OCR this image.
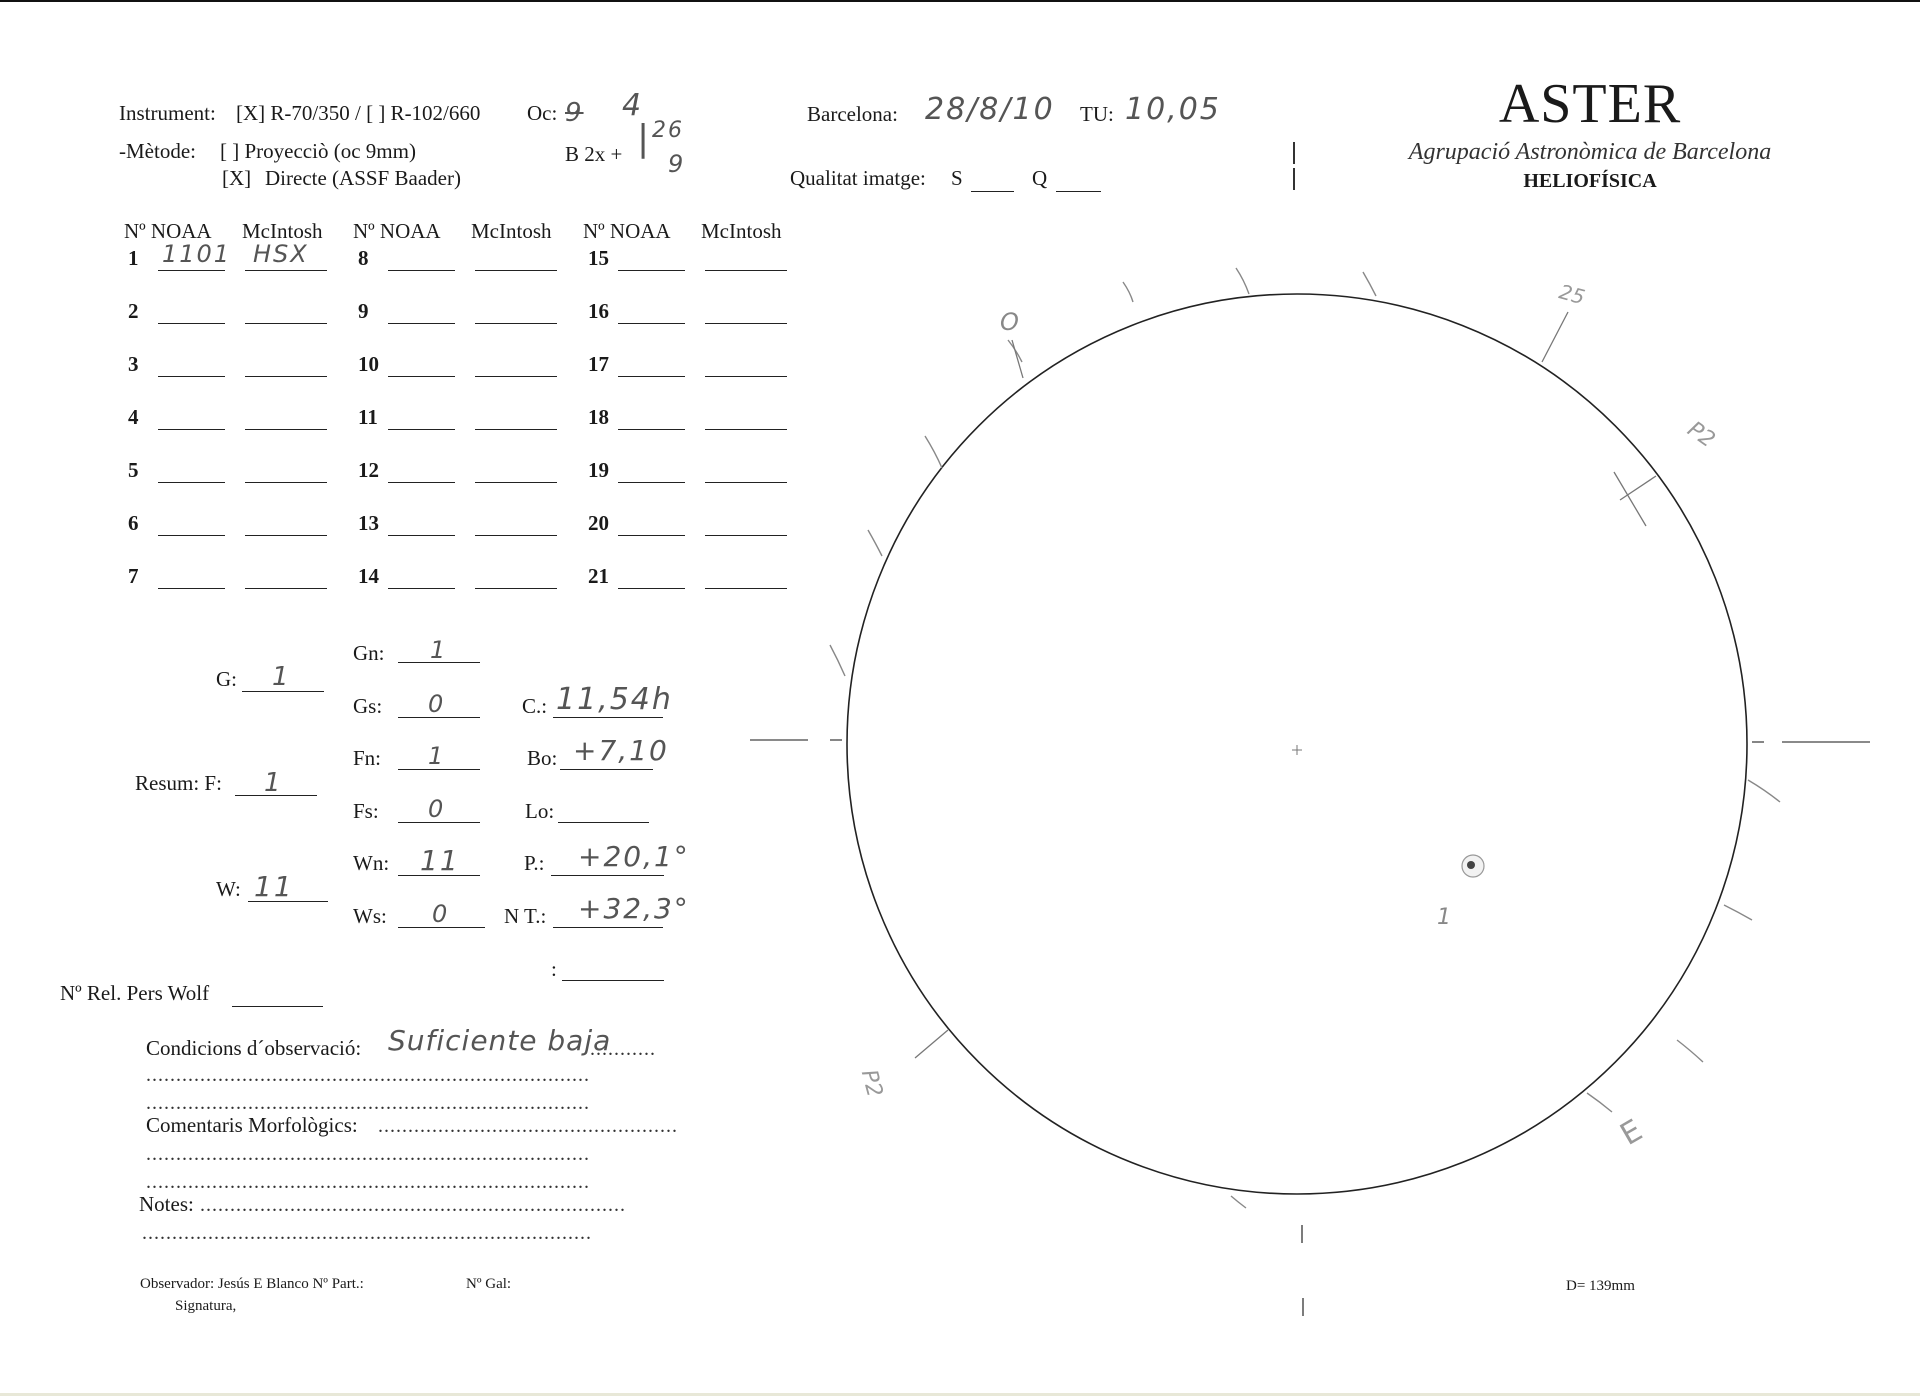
Instrument: [X] R-70/350 / [ ] R-102/660 Oc: 9 4
-Mètode: [ ] Proyecciò (oc 9mm)
[X] Directe (ASSF Baader)
B 2x + | 26
9
Barcelona: 28/8/10 TU: 10,05
Qualitat imatge: S	Q
ASTER
Agrupació Astronòmica de Barcelona
HELIOFÍSICA
Nº NOAA McIntosh Nº NOAA McIntosh Nº NOAA McIntosh
1 1101 HSX
2
3
4
5
6
7
8
9
10
11
12
13
14
15
16
17
18
19
20
21
Gn: 1
G: 1
Gs: 0	C.: 11,54h
Fn: 1	Bo: +7,10
Resum: F: 1
Fs: 0	Lo:
Wn: 11	P.: +20,1°
W: 11
Ws: 0	N T.: +32,3°
:
Nº Rel. Pers Wolf
Condicions d´observació: Suficiente baja
...........
..........................................................................
..........................................................................
Comentaris Morfològics: ..................................................
..........................................................................
..........................................................................
Notes: .......................................................................
...........................................................................
Observador: Jesús E Blanco Nº Part.:	Nº Gal:
Signatura,
D= 139mm
O
25
P2
P2
E
1
